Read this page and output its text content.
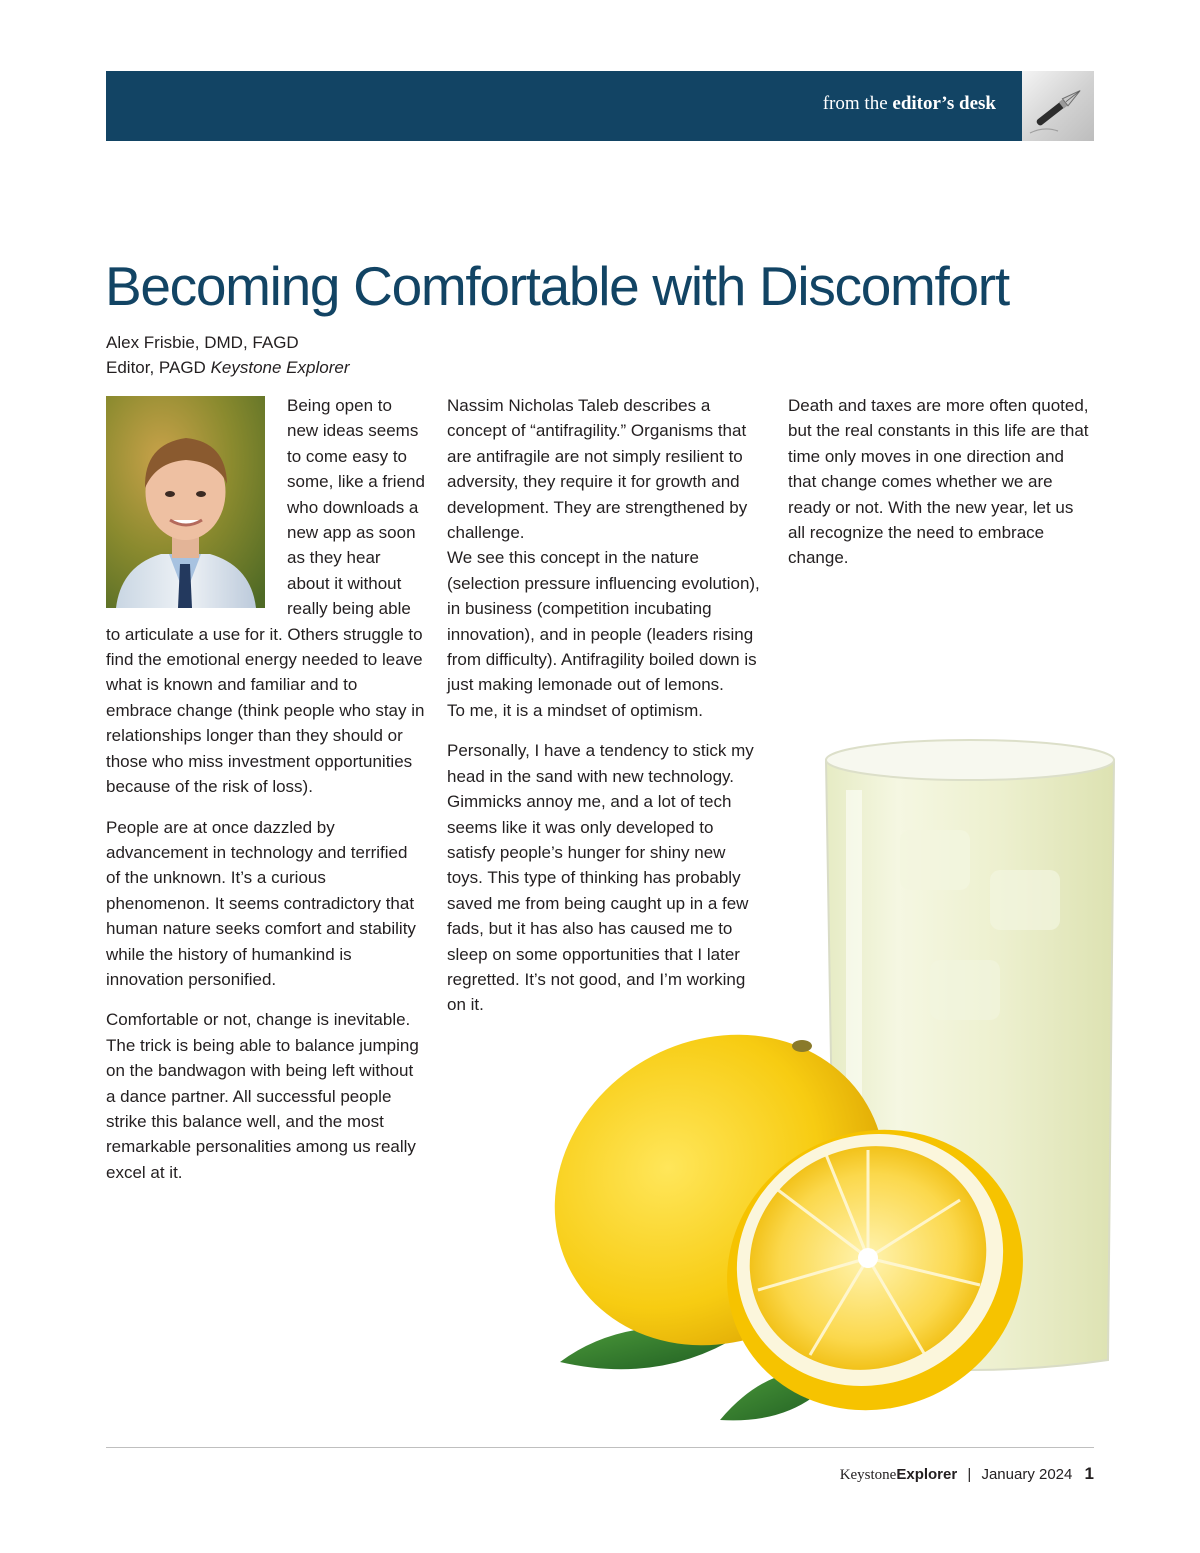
from the editor’s desk
Becoming Comfortable with Discomfort
Alex Frisbie, DMD, FAGD
Editor, PAGD Keystone Explorer

Being open to new ideas seems to come easy to some, like a friend who downloads a new app as soon as they hear about it without really being able to articulate a use for it. Others struggle to find the emotional energy needed to leave what is known and familiar and to embrace change (think people who stay in relationships longer than they should or those who miss investment opportunities because of the risk of loss).

People are at once dazzled by advancement in technology and terrified of the unknown. It’s a curious phenomenon. It seems contradictory that human nature seeks comfort and stability while the history of humankind is innovation personified.

Comfortable or not, change is inevitable. The trick is being able to balance jumping on the bandwagon with being left without a dance partner. All successful people strike this balance well, and the most remarkable personalities among us really excel at it.

Nassim Nicholas Taleb describes a concept of “antifragility.” Organisms that are antifragile are not simply resilient to adversity, they require it for growth and development. They are strengthened by challenge.

We see this concept in the nature (selection pressure influencing evolution), in business (competition incubating innovation), and in people (leaders rising from difficulty). Antifragility boiled down is just making lemonade out of lemons.

To me, it is a mindset of optimism.

Personally, I have a tendency to stick my head in the sand with new technology. Gimmicks annoy me, and a lot of tech seems like it was only developed to satisfy people’s hunger for shiny new toys. This type of thinking has probably saved me from being caught up in a few fads, but it has also has caused me to sleep on some opportunities that I later regretted. It’s not good, and I’m working on it.

Death and taxes are more often quoted, but the real constants in this life are that time only moves in one direction and that change comes whether we are ready or not. With the new year, let us all recognize the need to embrace change.

KeystoneExplorer | January 2024 1
